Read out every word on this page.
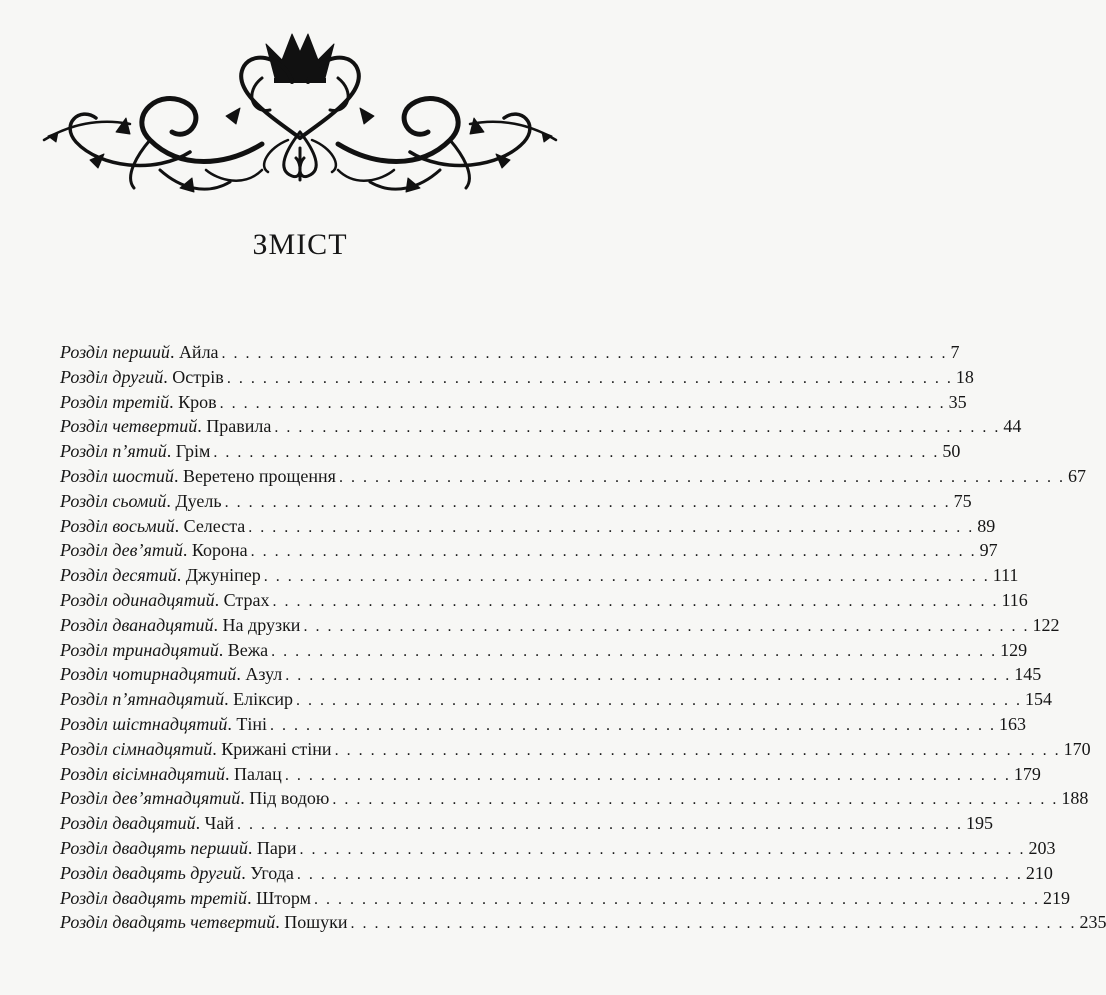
ЗМІСТ
Розділ перший. Айла . . . . . . . . . . . . . . . . . . . . . . . . . . . . . . . . . . . . . . . . . . . . . . . . . . . . . . . . . . . . . 7
Розділ другий. Острів . . . . . . . . . . . . . . . . . . . . . . . . . . . . . . . . . . . . . . . . . . . . . . . . . . . . . . . . . . . . . 18
Розділ третій. Кров . . . . . . . . . . . . . . . . . . . . . . . . . . . . . . . . . . . . . . . . . . . . . . . . . . . . . . . . . . . . . 35
Розділ четвертий. Правила . . . . . . . . . . . . . . . . . . . . . . . . . . . . . . . . . . . . . . . . . . . . . . . . . . . . . . . . . . . . . 44
Розділ п’ятий. Грім . . . . . . . . . . . . . . . . . . . . . . . . . . . . . . . . . . . . . . . . . . . . . . . . . . . . . . . . . . . . . 50
Розділ шостий. Веретено прощення . . . . . . . . . . . . . . . . . . . . . . . . . . . . . . . . . . . . . . . . . . . . . . . . . . . . . . . . . . . . . 67
Розділ сьомий. Дуель . . . . . . . . . . . . . . . . . . . . . . . . . . . . . . . . . . . . . . . . . . . . . . . . . . . . . . . . . . . . . 75
Розділ восьмий. Селеста . . . . . . . . . . . . . . . . . . . . . . . . . . . . . . . . . . . . . . . . . . . . . . . . . . . . . . . . . . . . . 89
Розділ дев’ятий. Корона . . . . . . . . . . . . . . . . . . . . . . . . . . . . . . . . . . . . . . . . . . . . . . . . . . . . . . . . . . . . . 97
Розділ десятий. Джуніпер . . . . . . . . . . . . . . . . . . . . . . . . . . . . . . . . . . . . . . . . . . . . . . . . . . . . . . . . . . . . . 111
Розділ одинадцятий. Страх . . . . . . . . . . . . . . . . . . . . . . . . . . . . . . . . . . . . . . . . . . . . . . . . . . . . . . . . . . . . . 116
Розділ дванадцятий. На друзки . . . . . . . . . . . . . . . . . . . . . . . . . . . . . . . . . . . . . . . . . . . . . . . . . . . . . . . . . . . . . 122
Розділ тринадцятий. Вежа . . . . . . . . . . . . . . . . . . . . . . . . . . . . . . . . . . . . . . . . . . . . . . . . . . . . . . . . . . . . . 129
Розділ чотирнадцятий. Азул . . . . . . . . . . . . . . . . . . . . . . . . . . . . . . . . . . . . . . . . . . . . . . . . . . . . . . . . . . . . . 145
Розділ п’ятнадцятий. Еліксир . . . . . . . . . . . . . . . . . . . . . . . . . . . . . . . . . . . . . . . . . . . . . . . . . . . . . . . . . . . . . 154
Розділ шістнадцятий. Тіні . . . . . . . . . . . . . . . . . . . . . . . . . . . . . . . . . . . . . . . . . . . . . . . . . . . . . . . . . . . . . 163
Розділ сімнадцятий. Крижані стіни . . . . . . . . . . . . . . . . . . . . . . . . . . . . . . . . . . . . . . . . . . . . . . . . . . . . . . . . . . . . . 170
Розділ вісімнадцятий. Палац . . . . . . . . . . . . . . . . . . . . . . . . . . . . . . . . . . . . . . . . . . . . . . . . . . . . . . . . . . . . . 179
Розділ дев’ятнадцятий. Під водою . . . . . . . . . . . . . . . . . . . . . . . . . . . . . . . . . . . . . . . . . . . . . . . . . . . . . . . . . . . . . 188
Розділ двадцятий. Чай . . . . . . . . . . . . . . . . . . . . . . . . . . . . . . . . . . . . . . . . . . . . . . . . . . . . . . . . . . . . . 195
Розділ двадцять перший. Пари . . . . . . . . . . . . . . . . . . . . . . . . . . . . . . . . . . . . . . . . . . . . . . . . . . . . . . . . . . . . . 203
Розділ двадцять другий. Угода . . . . . . . . . . . . . . . . . . . . . . . . . . . . . . . . . . . . . . . . . . . . . . . . . . . . . . . . . . . . . 210
Розділ двадцять третій. Шторм . . . . . . . . . . . . . . . . . . . . . . . . . . . . . . . . . . . . . . . . . . . . . . . . . . . . . . . . . . . . . 219
Розділ двадцять четвертий. Пошуки . . . . . . . . . . . . . . . . . . . . . . . . . . . . . . . . . . . . . . . . . . . . . . . . . . . . . . . . . . . . . 235
